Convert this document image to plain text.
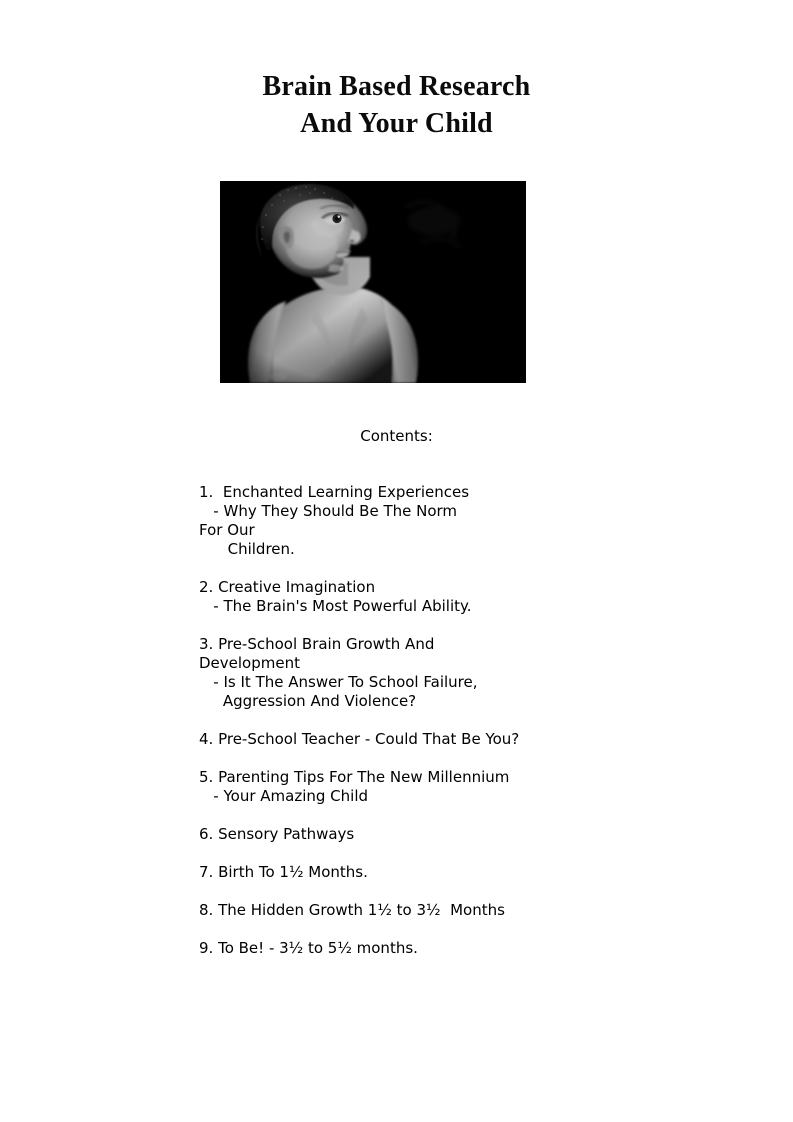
Brain Based Research
And Your Child
Contents:
1.  Enchanted Learning Experiences
- Why They Should Be The Norm
For Our
Children.
2. Creative Imagination
- The Brain's Most Powerful Ability.
3. Pre-School Brain Growth And
Development
- Is It The Answer To School Failure,
Aggression And Violence?
4. Pre-School Teacher - Could That Be You?
5. Parenting Tips For The New Millennium
- Your Amazing Child
6. Sensory Pathways
7. Birth To 1½ Months.
8. The Hidden Growth 1½ to 3½  Months
9. To Be! - 3½ to 5½ months.
